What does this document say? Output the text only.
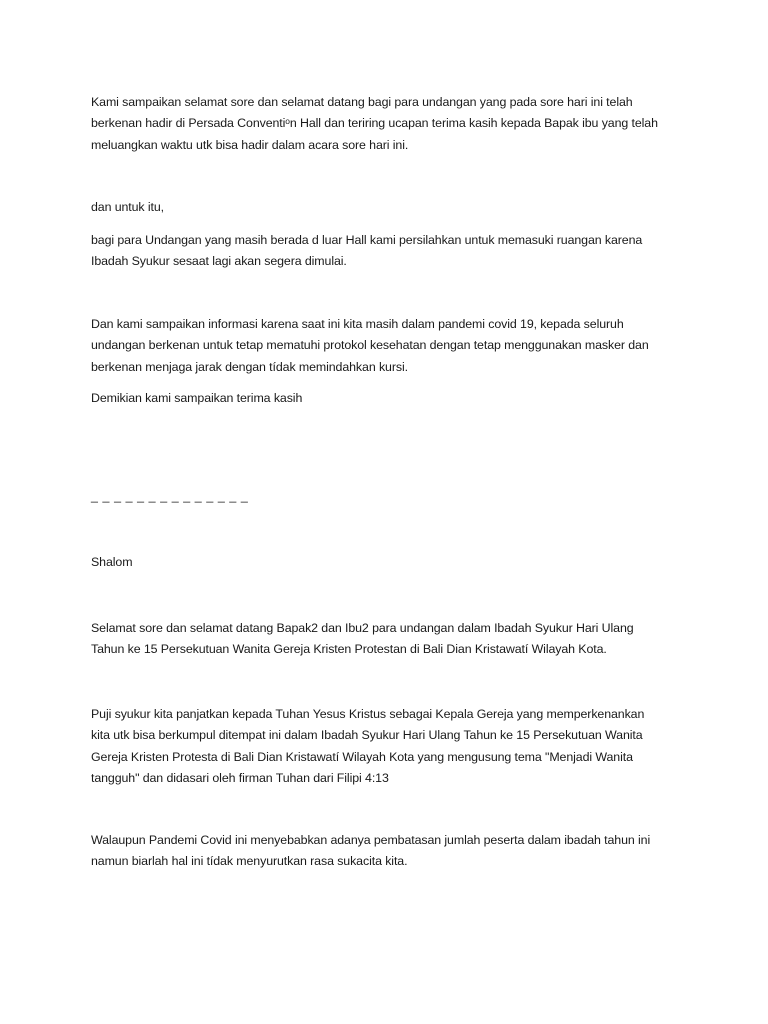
Kami sampaikan selamat sore dan selamat datang bagi para undangan yang pada sore hari ini telah
berkenan hadir di Persada Conventiᵒn Hall dan teriring ucapan terima kasih kepada Bapak ibu yang telah
meluangkan waktu utk bisa hadir dalam acara sore hari ini.

dan untuk itu,

bagi para Undangan yang masih berada d luar Hall kami persilahkan untuk memasuki ruangan karena
Ibadah Syukur sesaat lagi akan segera dimulai.

Dan kami sampaikan informasi karena saat ini kita masih dalam pandemi covid 19, kepada seluruh
undangan berkenan untuk tetap mematuhi protokol kesehatan dengan tetap menggunakan masker dan
berkenan menjaga jarak dengan tídak memindahkan kursi.

Demikian kami sampaikan terima kasih

_ _ _ _ _ _ _ _ _ _ _ _ _ _

Shalom

Selamat sore dan selamat datang Bapak2 dan Ibu2 para undangan dalam Ibadah Syukur Hari Ulang
Tahun ke 15 Persekutuan Wanita Gereja Kristen Protestan di Bali Dian Kristawatí Wilayah Kota.

Puji syukur kita panjatkan kepada Tuhan Yesus Kristus sebagai Kepala Gereja yang memperkenankan
kita utk bisa berkumpul ditempat ini dalam Ibadah Syukur Hari Ulang Tahun ke 15 Persekutuan Wanita
Gereja Kristen Protesta di Bali Dian Kristawatí Wilayah Kota yang mengusung tema "Menjadi Wanita
tangguh" dan didasari oleh firman Tuhan dari Filipi 4:13

Walaupun Pandemi Covid ini menyebabkan adanya pembatasan jumlah peserta dalam ibadah tahun ini
namun biarlah hal ini tídak menyurutkan rasa sukacita kita.
